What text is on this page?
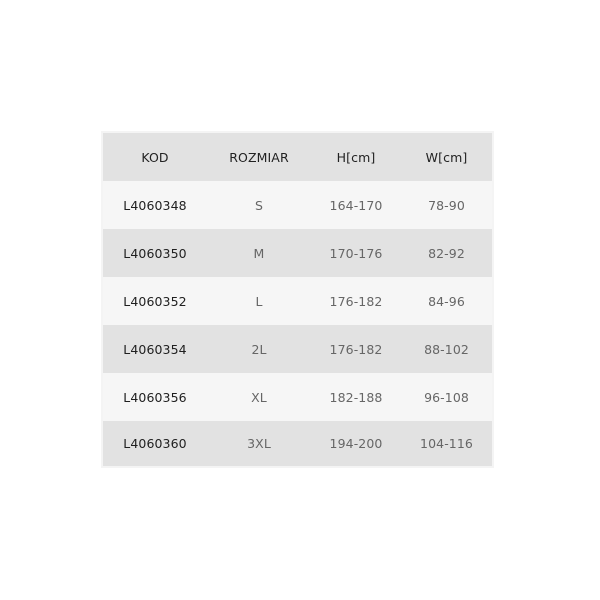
KOD	ROZMIAR	H[cm]	W[cm]
L4060348	S	164-170	78-90
L4060350	M	170-176	82-92
L4060352	L	176-182	84-96
L4060354	2L	176-182	88-102
L4060356	XL	182-188	96-108
L4060360	3XL	194-200	104-116
